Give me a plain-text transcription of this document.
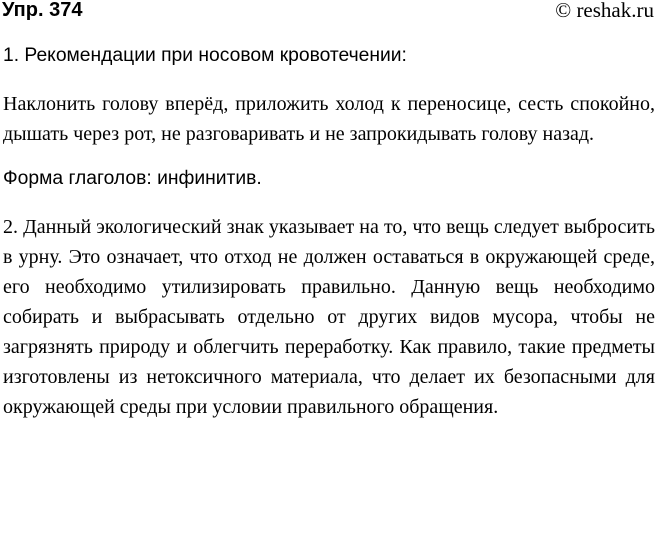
Упр. 374	© reshak.ru

1. Рекомендации при носовом кровотечении:

Наклонить голову вперёд, приложить холод к переносице, сесть спокойно, дышать через рот, не разговаривать и не запрокидывать голову назад.

Форма глаголов: инфинитив.

2. Данный экологический знак указывает на то, что вещь следует выбросить в урну. Это означает, что отход не должен оставаться в окружающей среде, его необходимо утилизировать правильно. Данную вещь необходимо собирать и выбрасывать отдельно от других видов мусора, чтобы не загрязнять природу и облегчить переработку. Как правило, такие предметы изготовлены из нетоксичного материала, что делает их безопасными для окружающей среды при условии правильного обращения.
